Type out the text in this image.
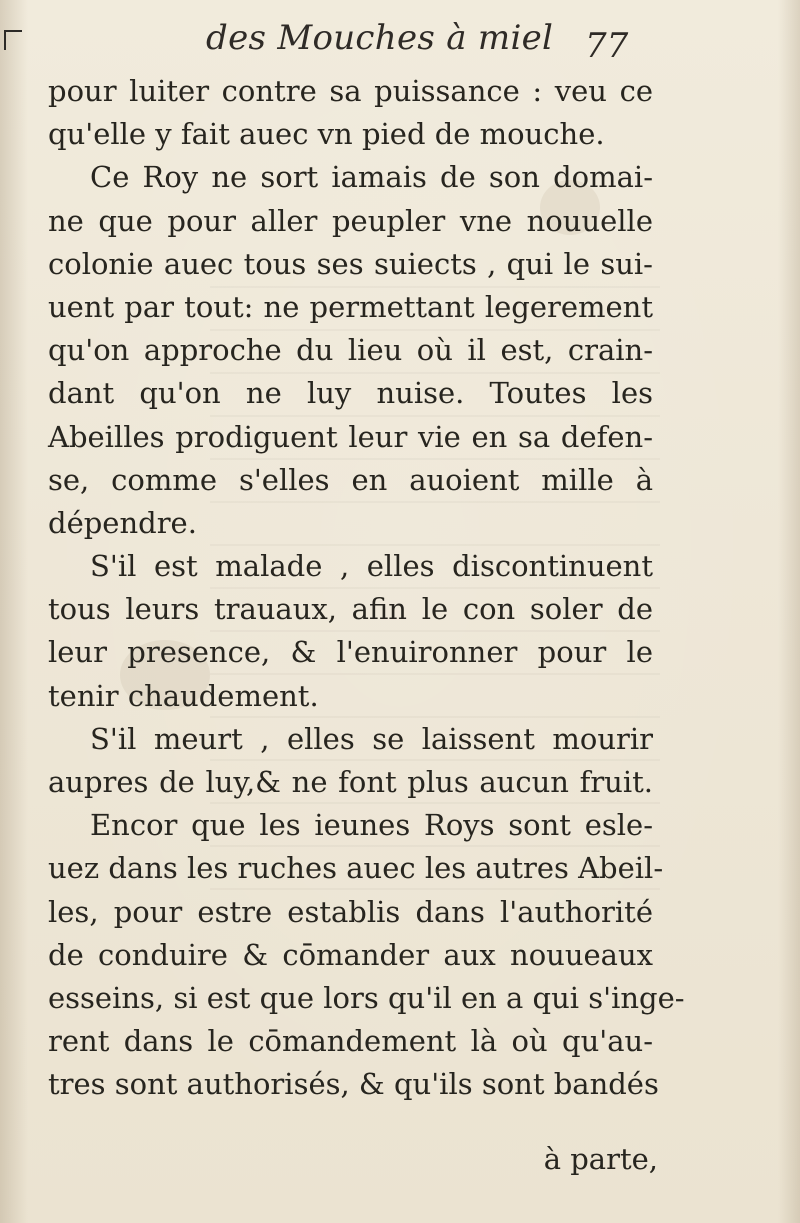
des Mouches à miel 77
pour luiter contre sa puissance : veu ce
qu'elle y fait auec vn pied de mouche.
Ce Roy ne sort iamais de son domai-
ne que pour aller peupler vne nouuelle
colonie auec tous ses suiects , qui le sui-
uent par tout: ne permettant legerement
qu'on approche du lieu où il est, crain-
dant qu'on ne luy nuise. Toutes les
Abeilles prodiguent leur vie en sa defen-
se, comme s'elles en auoient mille à
dépendre.
S'il est malade , elles discontinuent
tous leurs trauaux, afin le con soler de
leur presence, & l'enuironner pour le
tenir chaudement.
S'il meurt , elles se laissent mourir
aupres de luy,& ne font plus aucun fruit.
Encor que les ieunes Roys sont esle-
uez dans les ruches auec les autres Abeil-
les, pour estre establis dans l'authorité
de conduire & cōmander aux nouueaux
esseins, si est que lors qu'il en a qui s'inge-
rent dans le cōmandement là où qu'au-
tres sont authorisés, & qu'ils sont bandés
à parte,
